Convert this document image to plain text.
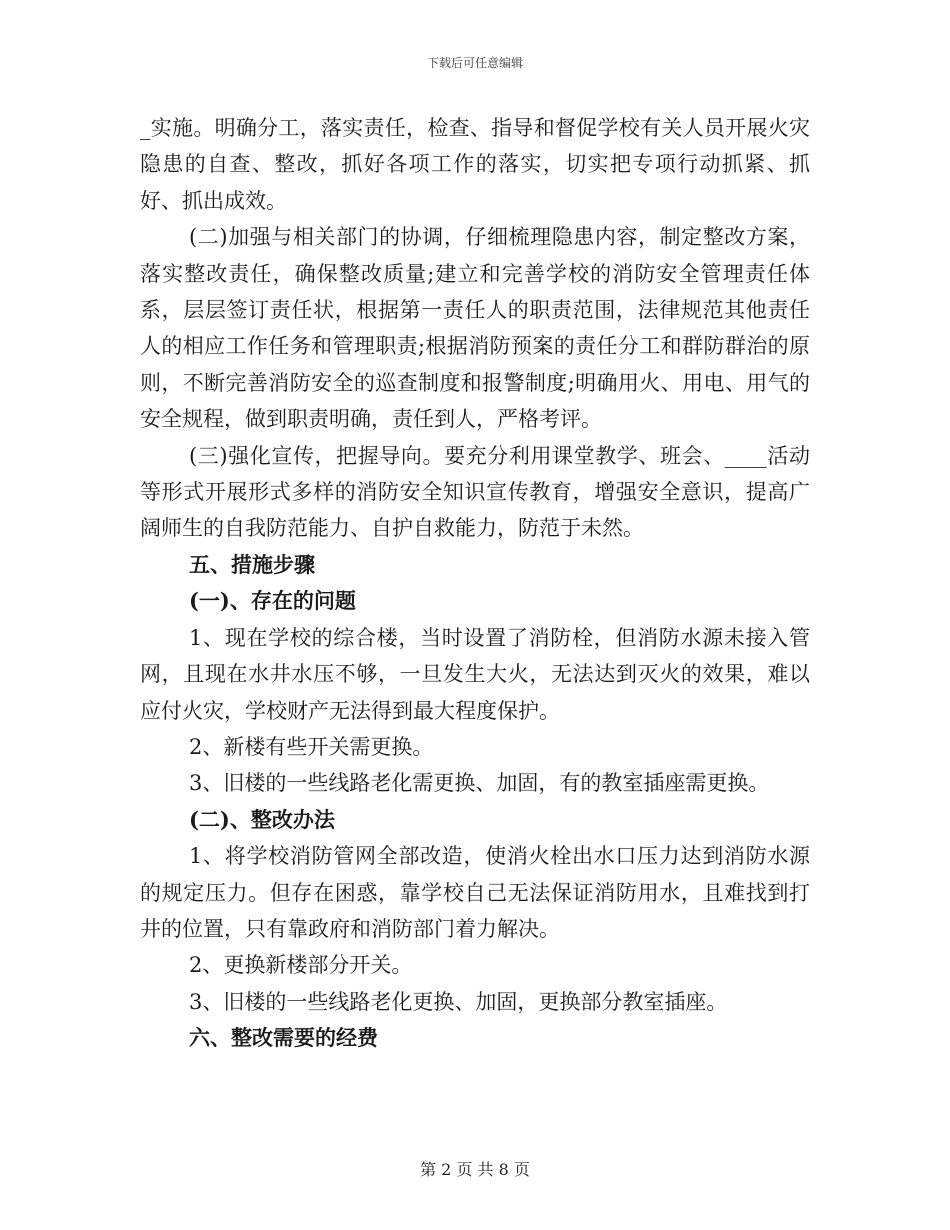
下载后可任意编辑

_实施。明确分工，落实责任，检查、指导和督促学校有关人员开展火灾隐患的自查、整改，抓好各项工作的落实，切实把专项行动抓紧、抓好、抓出成效。

(二)加强与相关部门的协调，仔细梳理隐患内容，制定整改方案，落实整改责任，确保整改质量;建立和完善学校的消防安全管理责任体系，层层签订责任状，根据第一责任人的职责范围，法律规范其他责任人的相应工作任务和管理职责;根据消防预案的责任分工和群防群治的原则，不断完善消防安全的巡查制度和报警制度;明确用火、用电、用气的安全规程，做到职责明确，责任到人，严格考评。

(三)强化宣传，把握导向。要充分利用课堂教学、班会、____活动等形式开展形式多样的消防安全知识宣传教育，增强安全意识，提高广阔师生的自我防范能力、自护自救能力，防范于未然。

五、措施步骤

(一)、存在的问题

1、现在学校的综合楼，当时设置了消防栓，但消防水源未接入管网，且现在水井水压不够，一旦发生大火，无法达到灭火的效果，难以应付火灾，学校财产无法得到最大程度保护。

2、新楼有些开关需更换。

3、旧楼的一些线路老化需更换、加固，有的教室插座需更换。

(二)、整改办法

1、将学校消防管网全部改造，使消火栓出水口压力达到消防水源的规定压力。但存在困惑，靠学校自己无法保证消防用水，且难找到打井的位置，只有靠政府和消防部门着力解决。

2、更换新楼部分开关。

3、旧楼的一些线路老化更换、加固，更换部分教室插座。

六、整改需要的经费

第 2 页 共 8 页
